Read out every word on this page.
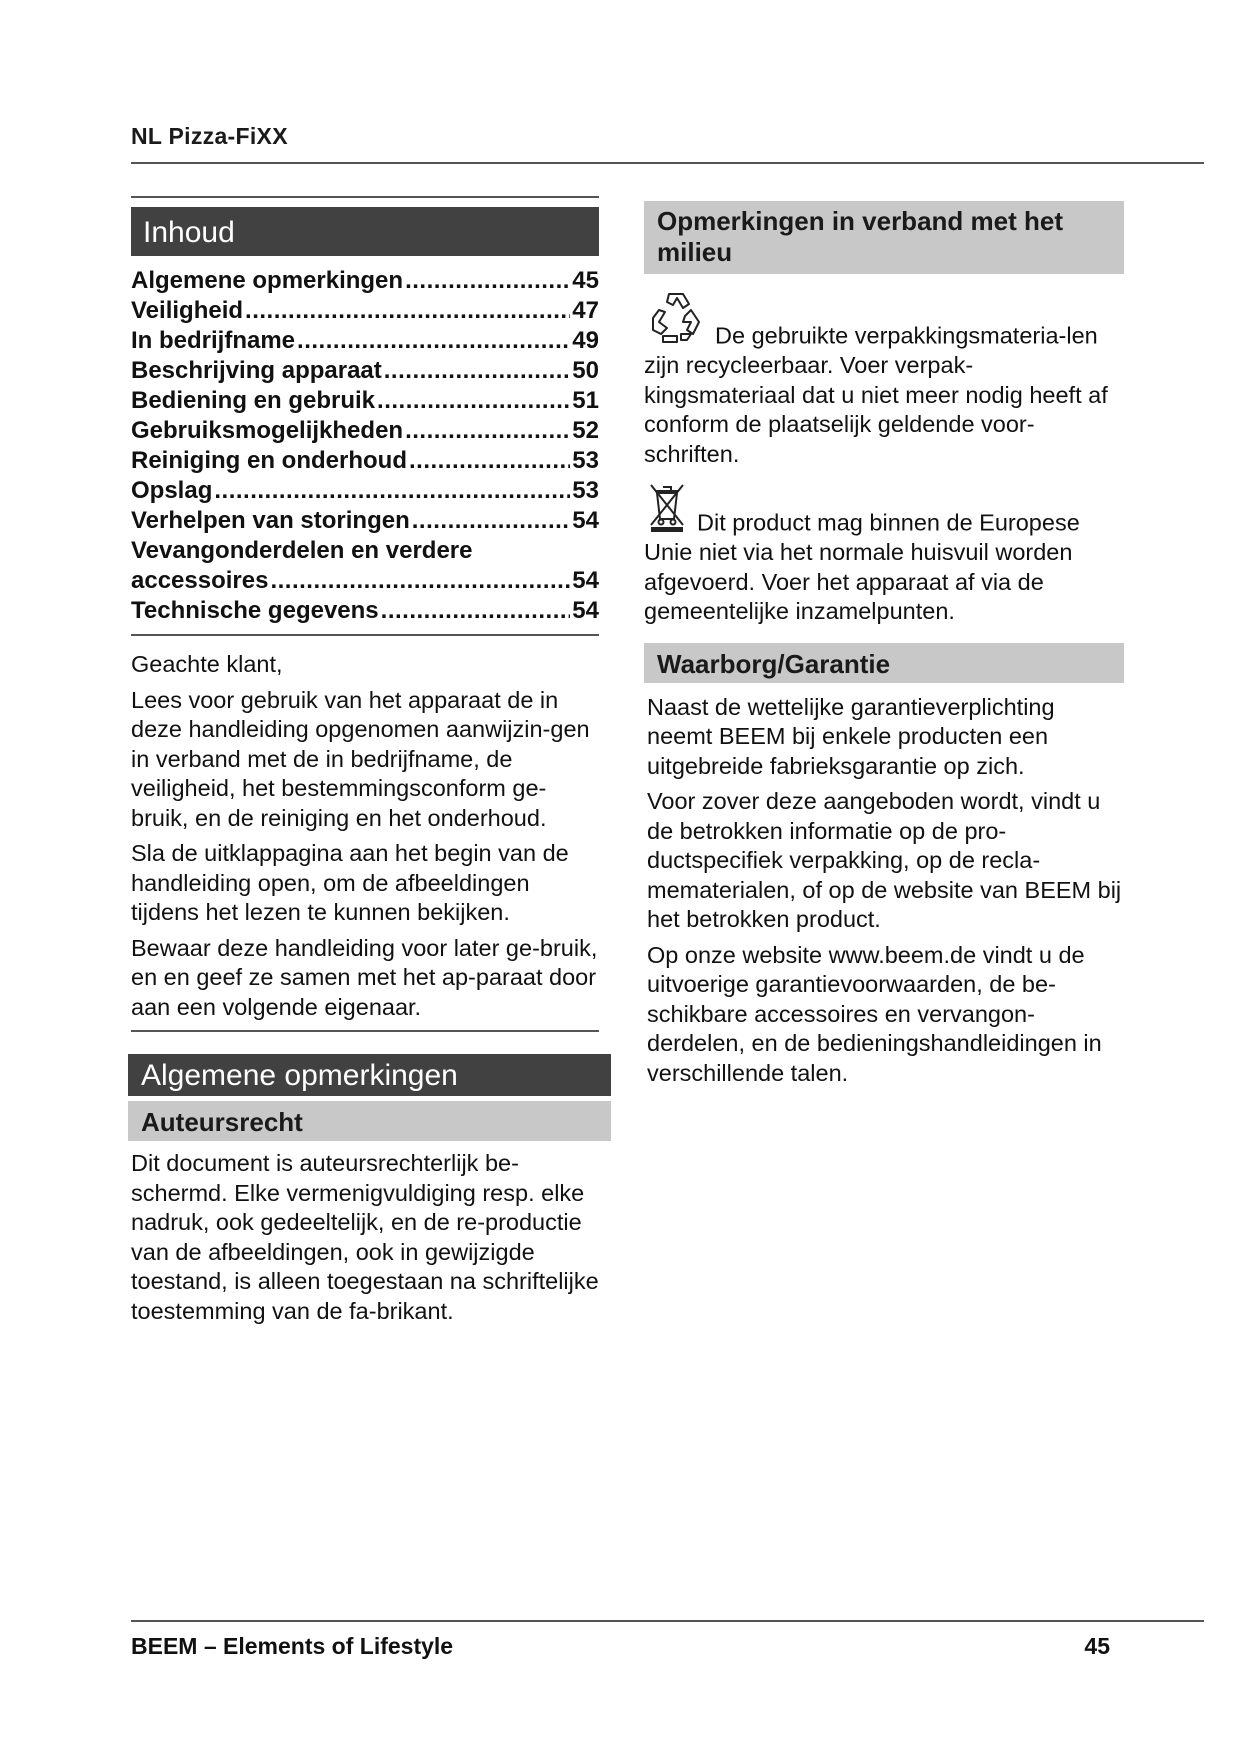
NL Pizza-FiXX
Inhoud
Algemene opmerkingen .....	45
Veiligheid .....	47
In bedrijfname .....	49
Beschrijving apparaat .....	50
Bediening en gebruik .....	51
Gebruiksmogelijkheden .....	52
Reiniging en onderhoud .....	53
Opslag .....	53
Verhelpen van storingen .....	54
Vevangonderdelen en verdere
accessoires .....	54
Technische gegevens .....	54

Geachte klant,

Lees voor gebruik van het apparaat de in deze handleiding opgenomen aanwijzin-gen in verband met de in bedrijfname, de veiligheid, het bestemmingsconform ge-bruik, en de reiniging en het onderhoud.

Sla de uitklappagina aan het begin van de handleiding open, om de afbeeldingen tijdens het lezen te kunnen bekijken.

Bewaar deze handleiding voor later ge-bruik, en en geef ze samen met het ap-paraat door aan een volgende eigenaar.

Algemene opmerkingen
Auteursrecht

Dit document is auteursrechterlijk be-schermd. Elke vermenigvuldiging resp. elke nadruk, ook gedeeltelijk, en de re-productie van de afbeeldingen, ook in gewijzigde toestand, is alleen toegestaan na schriftelijke toestemming van de fa-brikant.

Opmerkingen in verband met het milieu

De gebruikte verpakkingsmateria-len zijn recycleerbaar. Voer verpak-kingsmateriaal dat u niet meer nodig heeft af conform de plaatselijk geldende voor-schriften.

Dit product mag binnen de Europese Unie niet via het normale huisvuil worden afgevoerd. Voer het apparaat af via de gemeentelijke inzamelpunten.

Waarborg/Garantie

Naast de wettelijke garantieverplichting neemt BEEM bij enkele producten een uitgebreide fabrieksgarantie op zich.

Voor zover deze aangeboden wordt, vindt u de betrokken informatie op de pro-ductspecifiek verpakking, op de recla-mematerialen, of op de website van BEEM bij het betrokken product.

Op onze website www.beem.de vindt u de uitvoerige garantievoorwaarden, de be-schikbare accessoires en vervangon-derdelen, en de bedieningshandleidingen in verschillende talen.

BEEM – Elements of Lifestyle	45
